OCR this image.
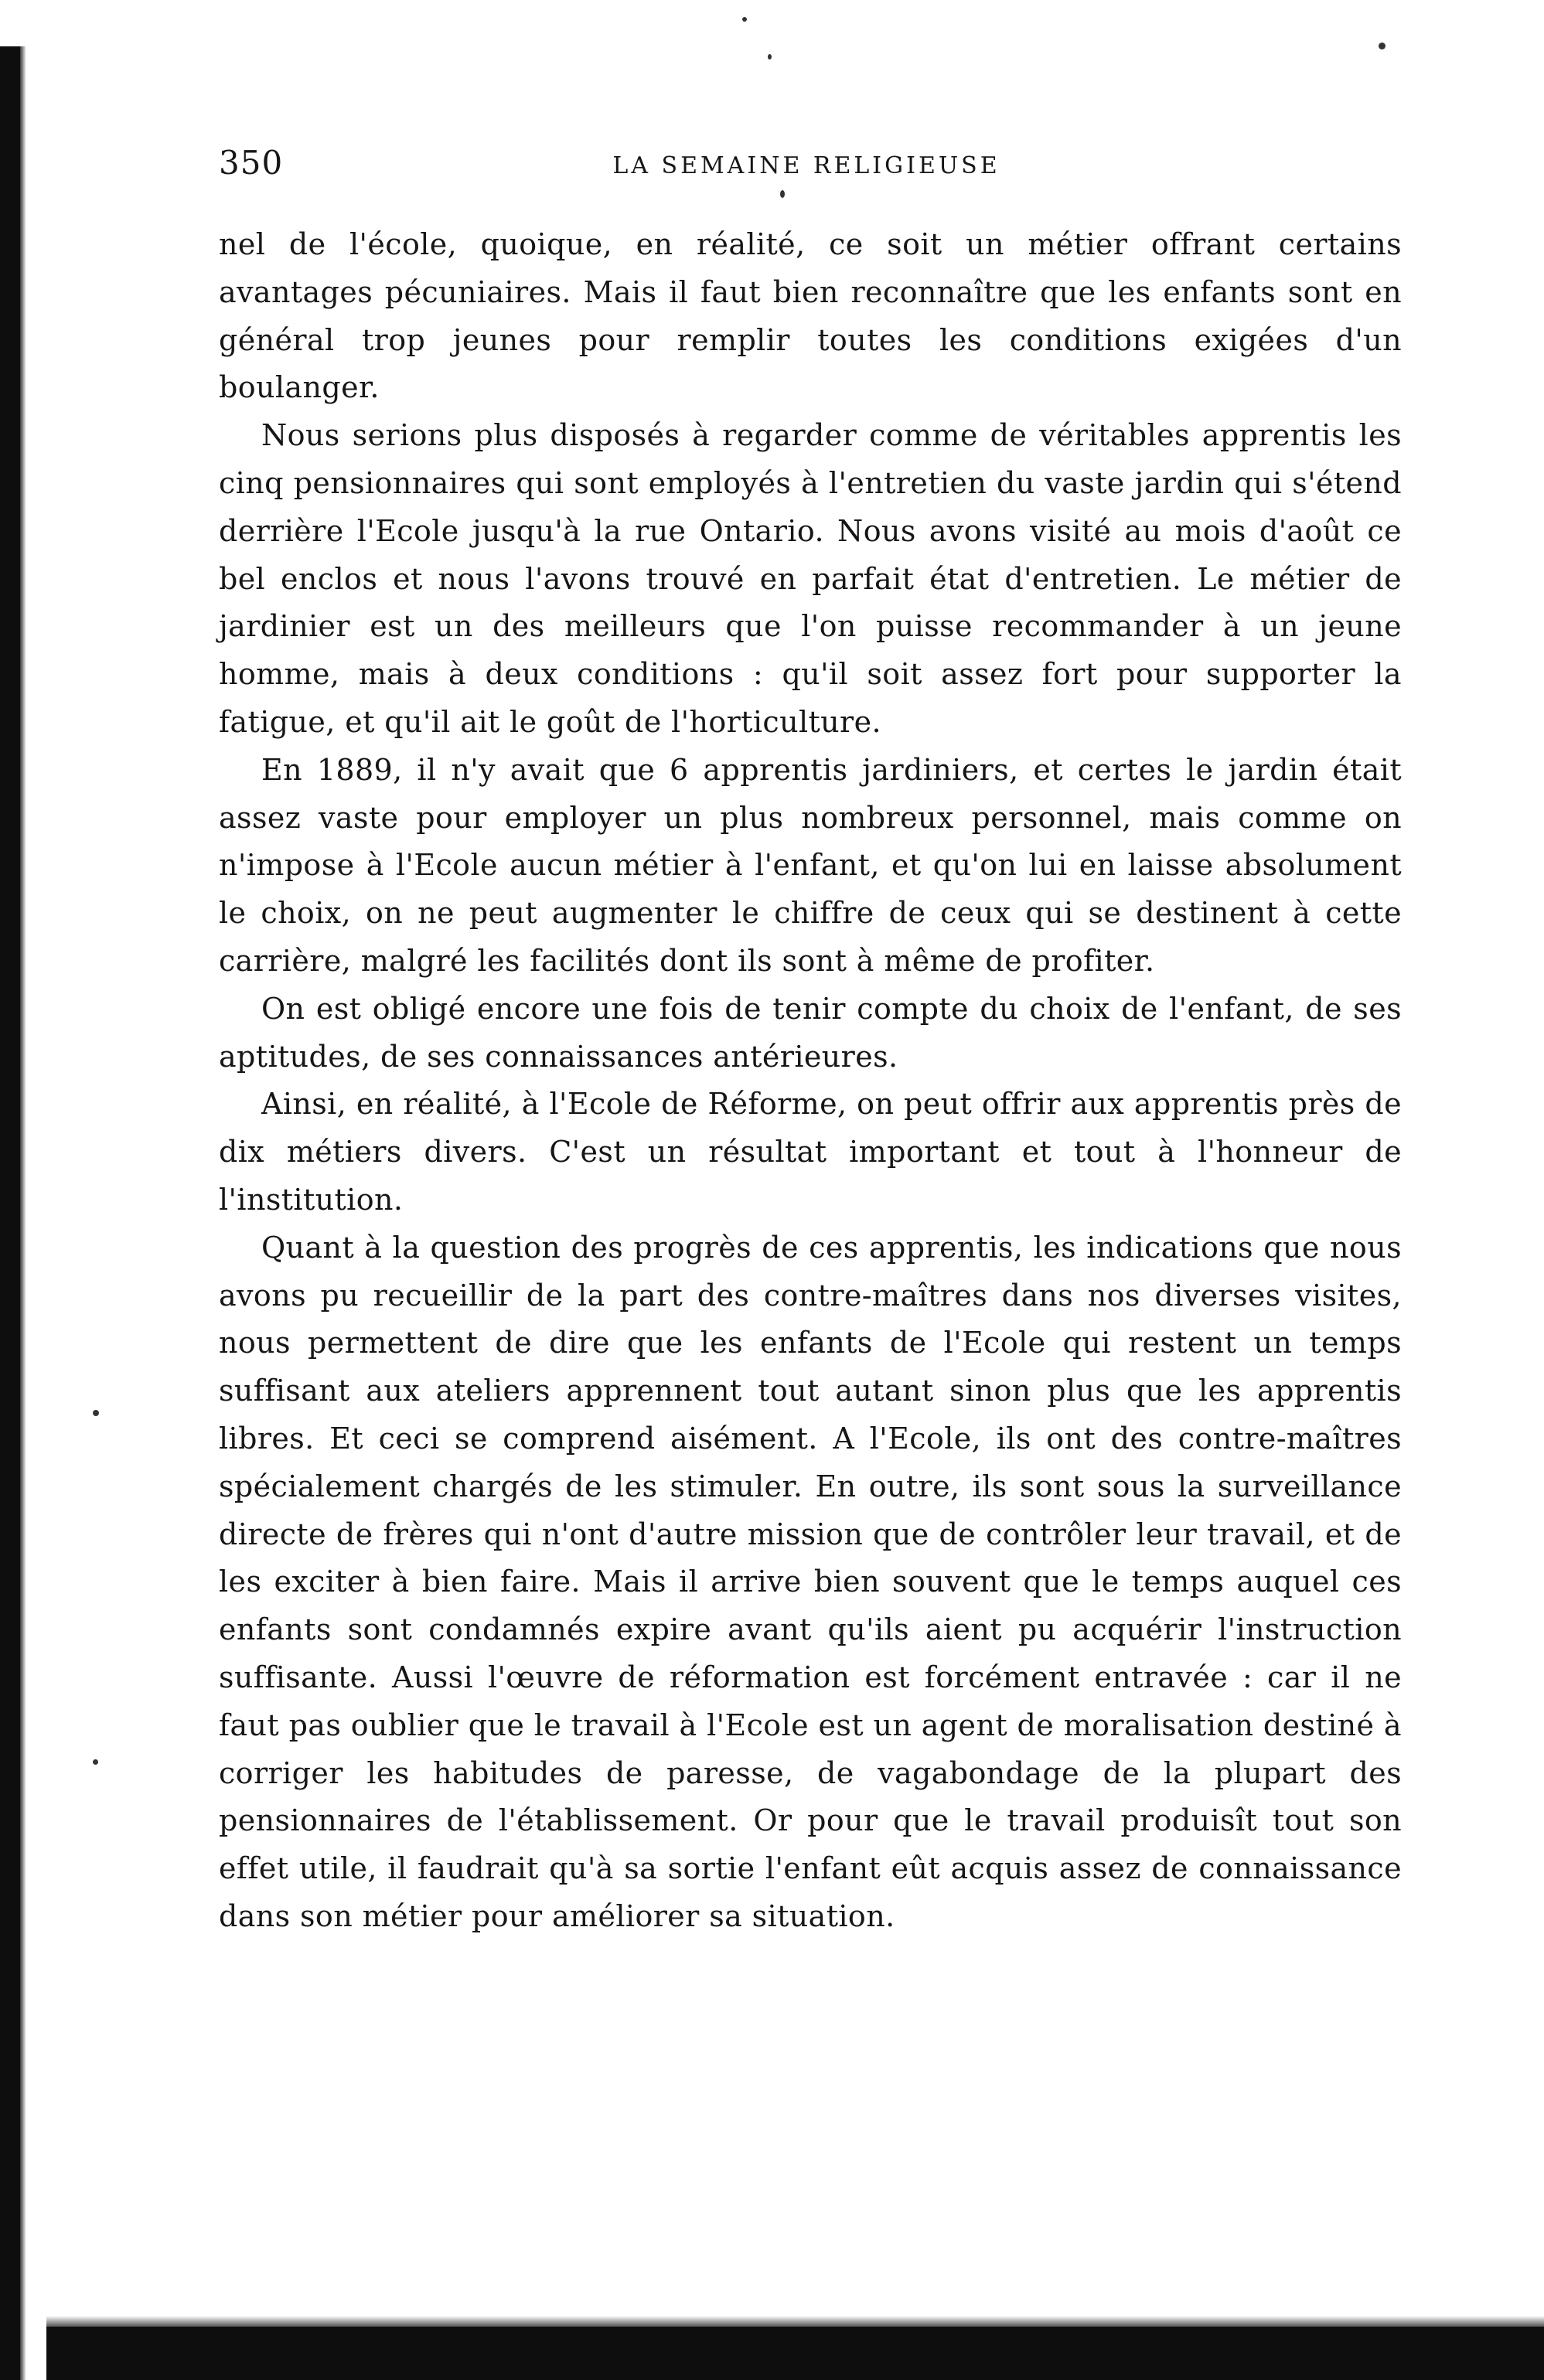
350	LA SEMAINE RELIGIEUSE

nel de l'école, quoique, en réalité, ce soit un métier offrant certains avantages pécuniaires. Mais il faut bien reconnaître que les enfants sont en général trop jeunes pour remplir toutes les conditions exigées d'un boulanger.

Nous serions plus disposés à regarder comme de véritables apprentis les cinq pensionnaires qui sont employés à l'entretien du vaste jardin qui s'étend derrière l'Ecole jusqu'à la rue Ontario. Nous avons visité au mois d'août ce bel enclos et nous l'avons trouvé en parfait état d'entretien. Le métier de jardinier est un des meilleurs que l'on puisse recommander à un jeune homme, mais à deux conditions : qu'il soit assez fort pour supporter la fatigue, et qu'il ait le goût de l'horticulture.

En 1889, il n'y avait que 6 apprentis jardiniers, et certes le jardin était assez vaste pour employer un plus nombreux personnel, mais comme on n'impose à l'Ecole aucun métier à l'enfant, et qu'on lui en laisse absolument le choix, on ne peut augmenter le chiffre de ceux qui se destinent à cette carrière, malgré les facilités dont ils sont à même de profiter.

On est obligé encore une fois de tenir compte du choix de l'enfant, de ses aptitudes, de ses connaissances antérieures.

Ainsi, en réalité, à l'Ecole de Réforme, on peut offrir aux apprentis près de dix métiers divers. C'est un résultat important et tout à l'honneur de l'institution.

Quant à la question des progrès de ces apprentis, les indications que nous avons pu recueillir de la part des contre-maîtres dans nos diverses visites, nous permettent de dire que les enfants de l'Ecole qui restent un temps suffisant aux ateliers apprennent tout autant sinon plus que les apprentis libres. Et ceci se comprend aisément. A l'Ecole, ils ont des contre-maîtres spécialement chargés de les stimuler. En outre, ils sont sous la surveillance directe de frères qui n'ont d'autre mission que de contrôler leur travail, et de les exciter à bien faire. Mais il arrive bien souvent que le temps auquel ces enfants sont condamnés expire avant qu'ils aient pu acquérir l'instruction suffisante. Aussi l'œuvre de réformation est forcément entravée : car il ne faut pas oublier que le travail à l'Ecole est un agent de moralisation destiné à corriger les habitudes de paresse, de vagabondage de la plupart des pensionnaires de l'établissement. Or pour que le travail produisît tout son effet utile, il faudrait qu'à sa sortie l'enfant eût acquis assez de connaissance dans son métier pour améliorer sa situation.
